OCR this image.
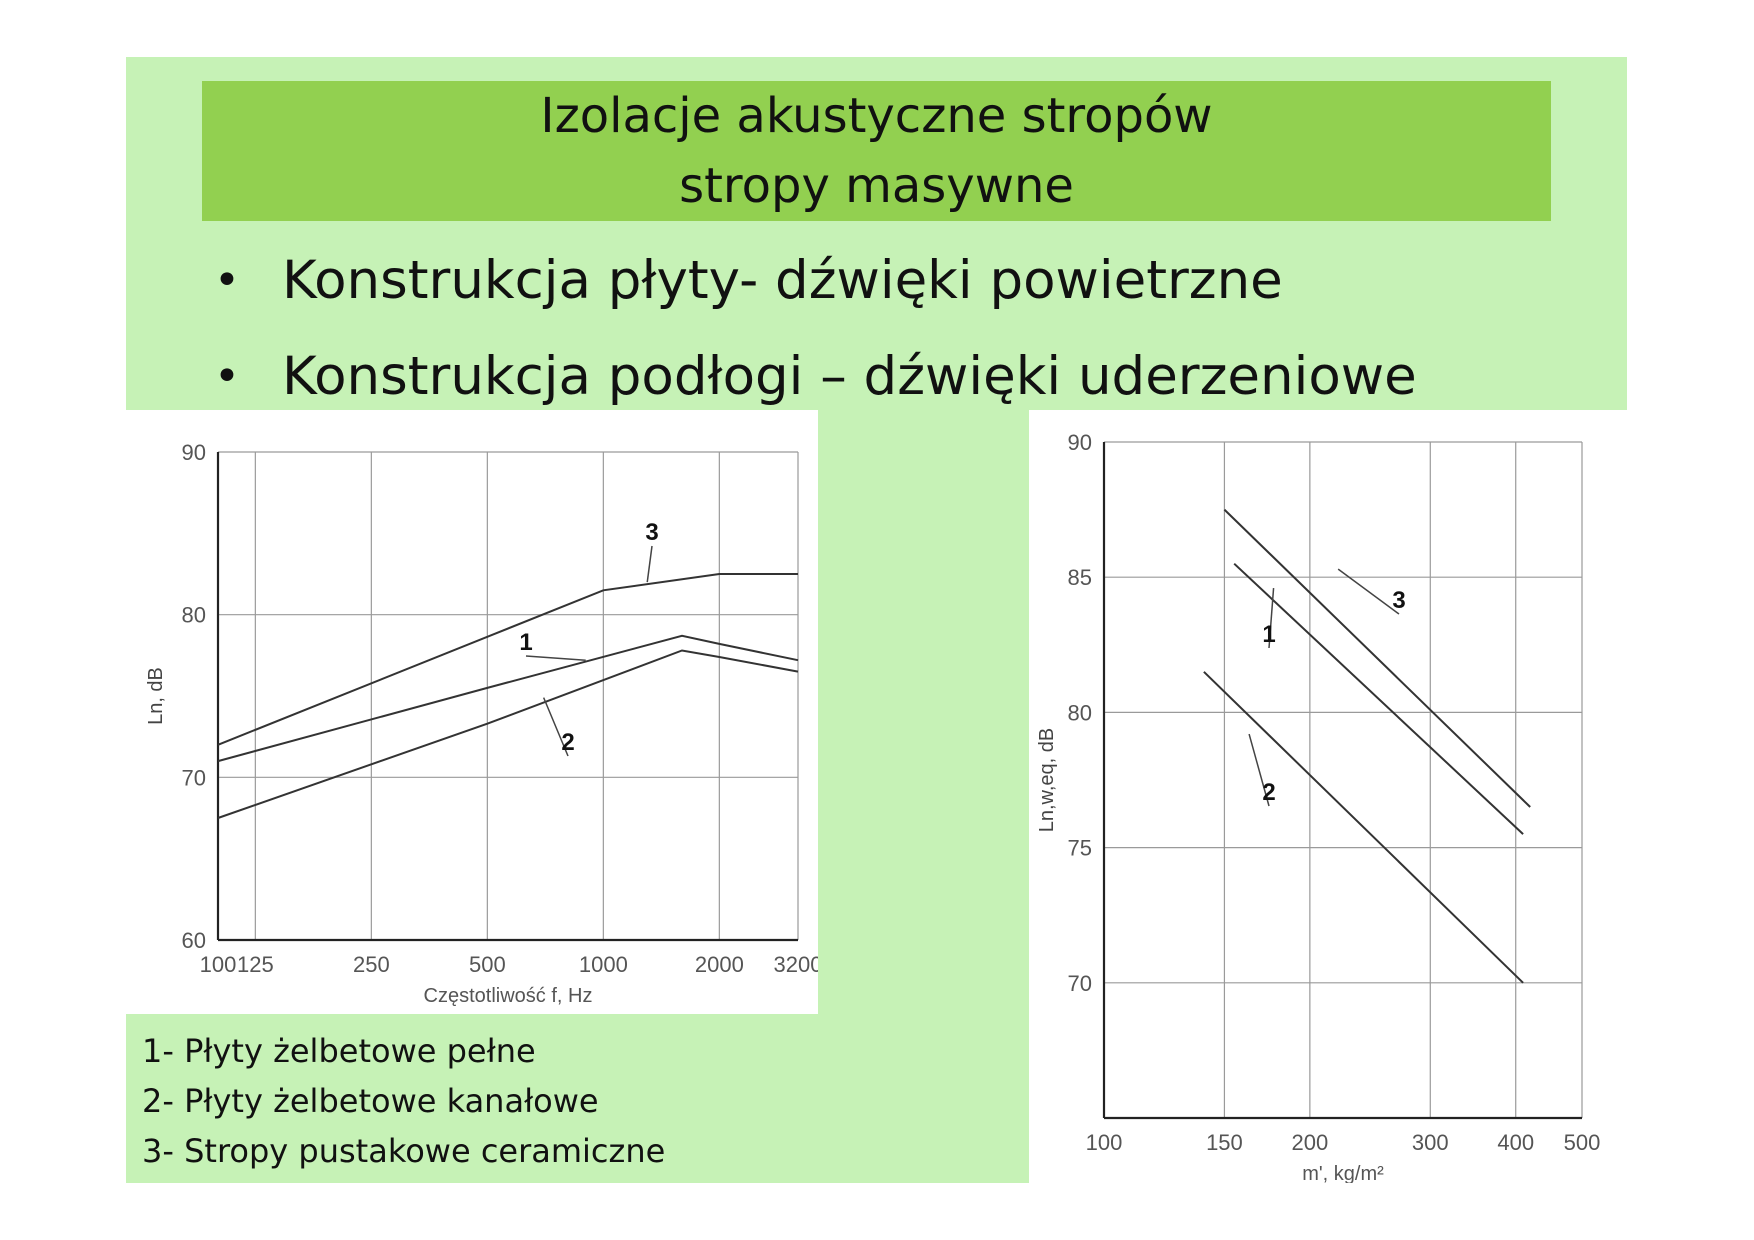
Izolacje akustyczne stropów
stropy masywne
• Konstrukcja płyty- dźwięki powietrzne
• Konstrukcja podłogi – dźwięki uderzeniowe
100 125	250	500	1000	2000 3200
60
70
80
90
1
2
3
Częstotliwość f, Hz
Ln, dB
100	150 200	300 400 500
70
75
80
85
90
1
2
3
m', kg/m²
Ln,w,eq, dB
1- Płyty żelbetowe pełne
2- Płyty żelbetowe kanałowe
3- Stropy pustakowe ceramiczne
